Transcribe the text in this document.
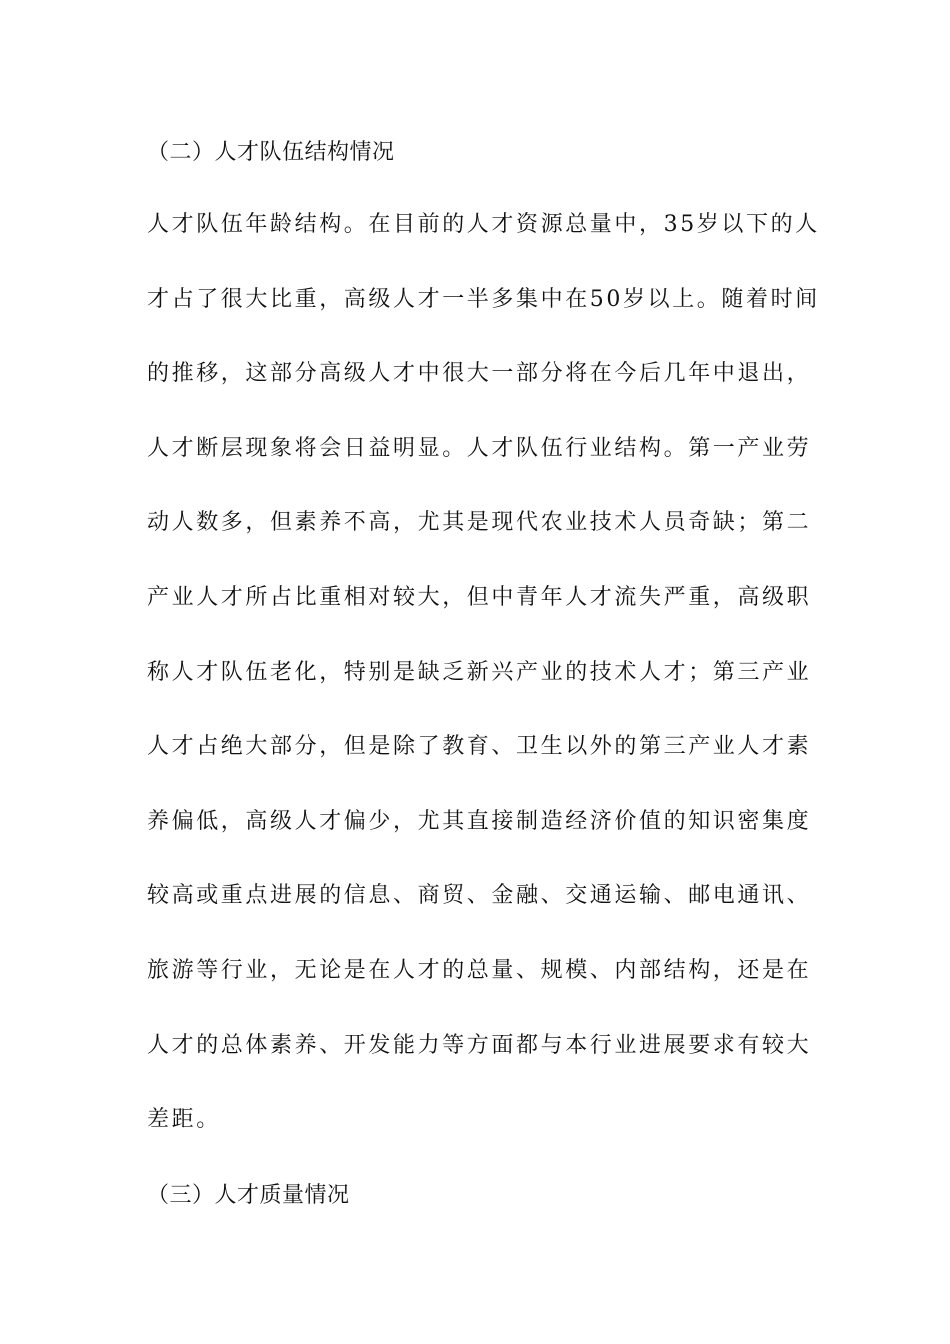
（二）人才队伍结构情况
人才队伍年龄结构。在目前的人才资源总量中，35岁以下的人
才占了很大比重，高级人才一半多集中在50岁以上。随着时间
的推移，这部分高级人才中很大一部分将在今后几年中退出，
人才断层现象将会日益明显。人才队伍行业结构。第一产业劳
动人数多，但素养不高，尤其是现代农业技术人员奇缺；第二
产业人才所占比重相对较大，但中青年人才流失严重，高级职
称人才队伍老化，特别是缺乏新兴产业的技术人才；第三产业
人才占绝大部分，但是除了教育、卫生以外的第三产业人才素
养偏低，高级人才偏少，尤其直接制造经济价值的知识密集度
较高或重点进展的信息、商贸、金融、交通运输、邮电通讯、
旅游等行业，无论是在人才的总量、规模、内部结构，还是在
人才的总体素养、开发能力等方面都与本行业进展要求有较大
差距。
（三）人才质量情况
